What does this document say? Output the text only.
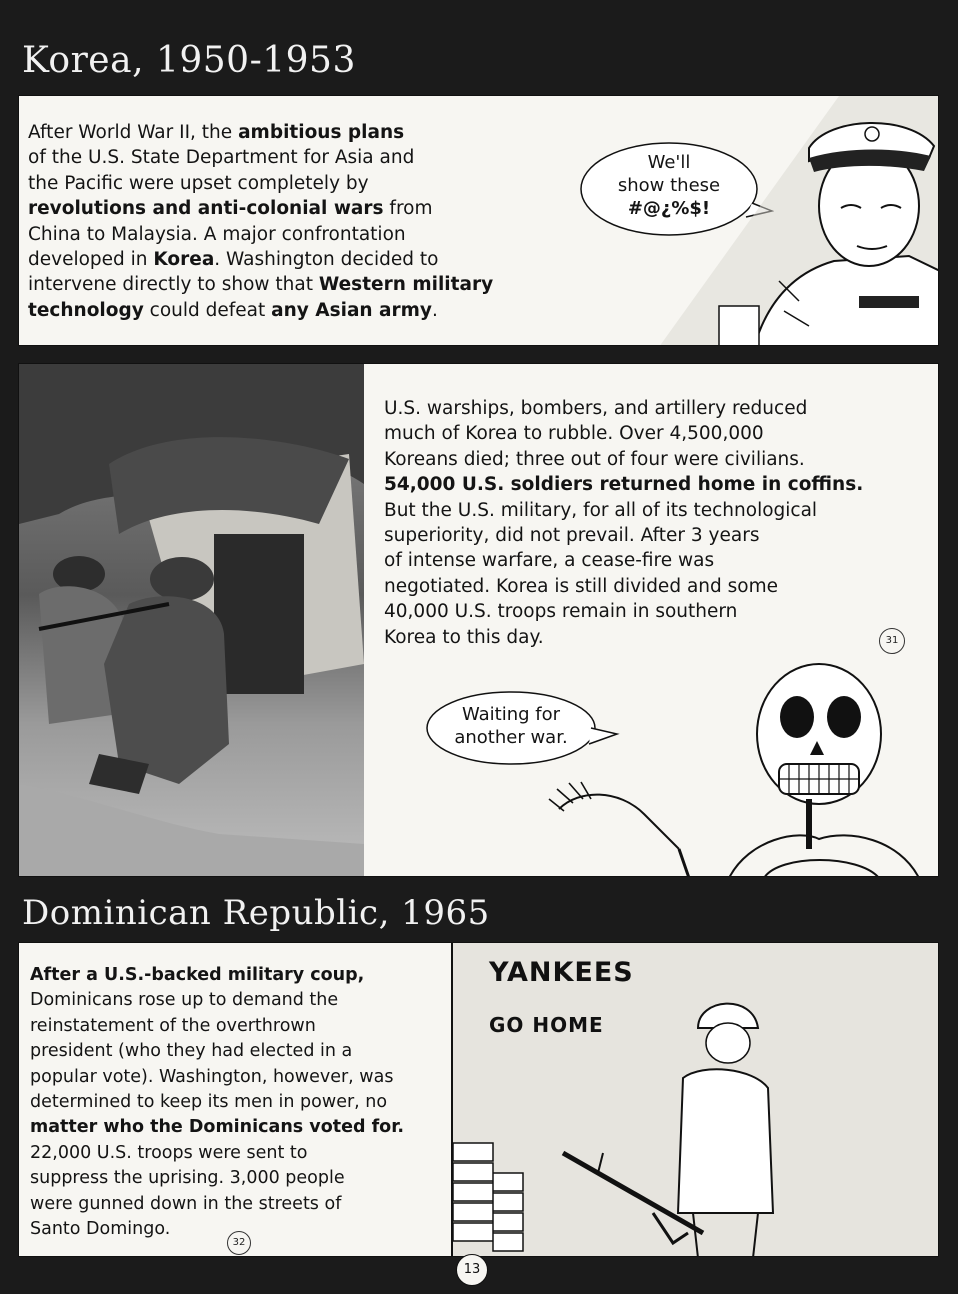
Korea, 1950-1953
After World War II, the ambitious plans
of the U.S. State Department for Asia and
the Pacific were upset completely by
revolutions and anti-colonial wars from
China to Malaysia. A major confrontation
developed in Korea. Washington decided to
intervene directly to show that Western military
technology could defeat any Asian army.
We'll
show these
#@¿%$!
U.S. warships, bombers, and artillery reduced
much of Korea to rubble. Over 4,500,000
Koreans died; three out of four were civilians.
54,000 U.S. soldiers returned home in coffins.
But the U.S. military, for all of its technological
superiority, did not prevail. After 3 years
of intense warfare, a cease-fire was
negotiated. Korea is still divided and some
40,000 U.S. troops remain in southern
Korea to this day.	31
Waiting for
another war.
Dominican Republic, 1965
After a U.S.-backed military coup,
Dominicans rose up to demand the
reinstatement of the overthrown
president (who they had elected in a
popular vote). Washington, however, was
determined to keep its men in power, no
matter who the Dominicans voted for.
22,000 U.S. troops were sent to
suppress the uprising. 3,000 people
were gunned down in the streets of
Santo Domingo.
32
YANKEES
GO HOME
13
